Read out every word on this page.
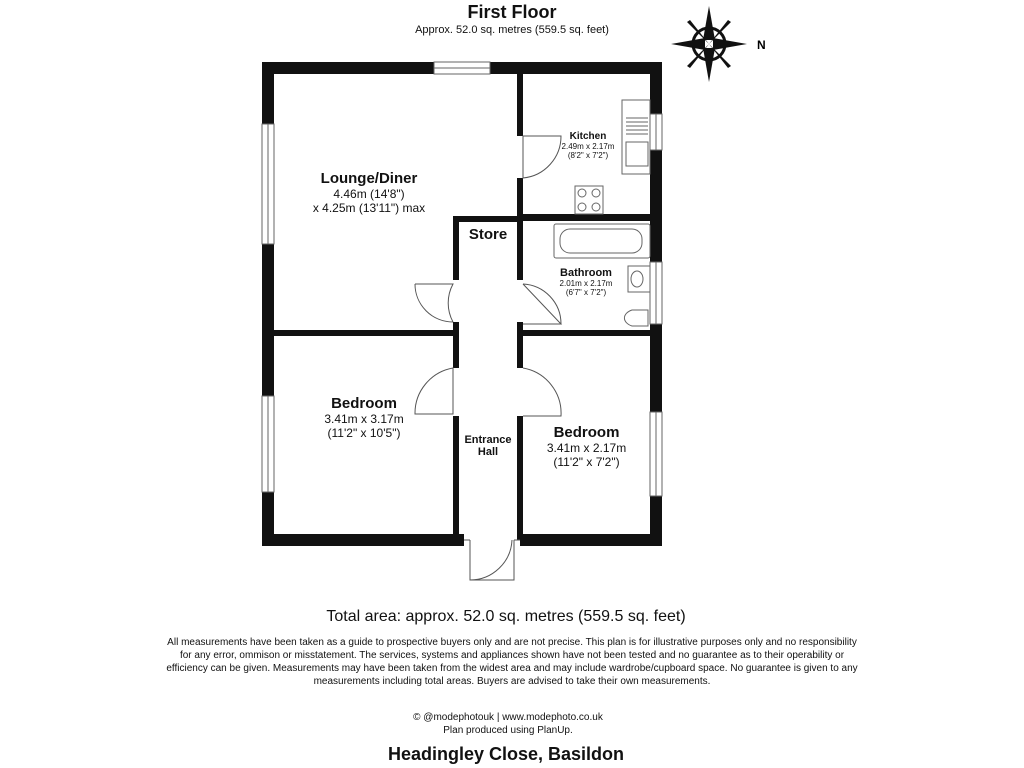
First Floor
Approx. 52.0 sq. metres (559.5 sq. feet)
N
Lounge/Diner
4.46m (14'8")
x 4.25m (13'11") max
Kitchen
2.49m x 2.17m
(8'2" x 7'2")
Store
Bathroom
2.01m x 2.17m
(6'7" x 7'2")
Bedroom
3.41m x 3.17m
(11'2" x 10'5")	Entrance
Hall
Bedroom
3.41m x 2.17m
(11'2" x 7'2")
Total area: approx. 52.0 sq. metres (559.5 sq. feet)
All measurements have been taken as a guide to prospective buyers only and are not precise. This plan is for illustrative purposes only and no responsibility for any error, ommison or misstatement. The services, systems and appliances shown have not been tested and no guarantee as to their operability or efficiency can be given. Measurements may have been taken from the widest area and may include wardrobe/cupboard space. No guarantee is given to any measurements including total areas. Buyers are advised to take their own measurements.
© @modephotouk | www.modephoto.co.uk
Plan produced using PlanUp.
Headingley Close, Basildon
